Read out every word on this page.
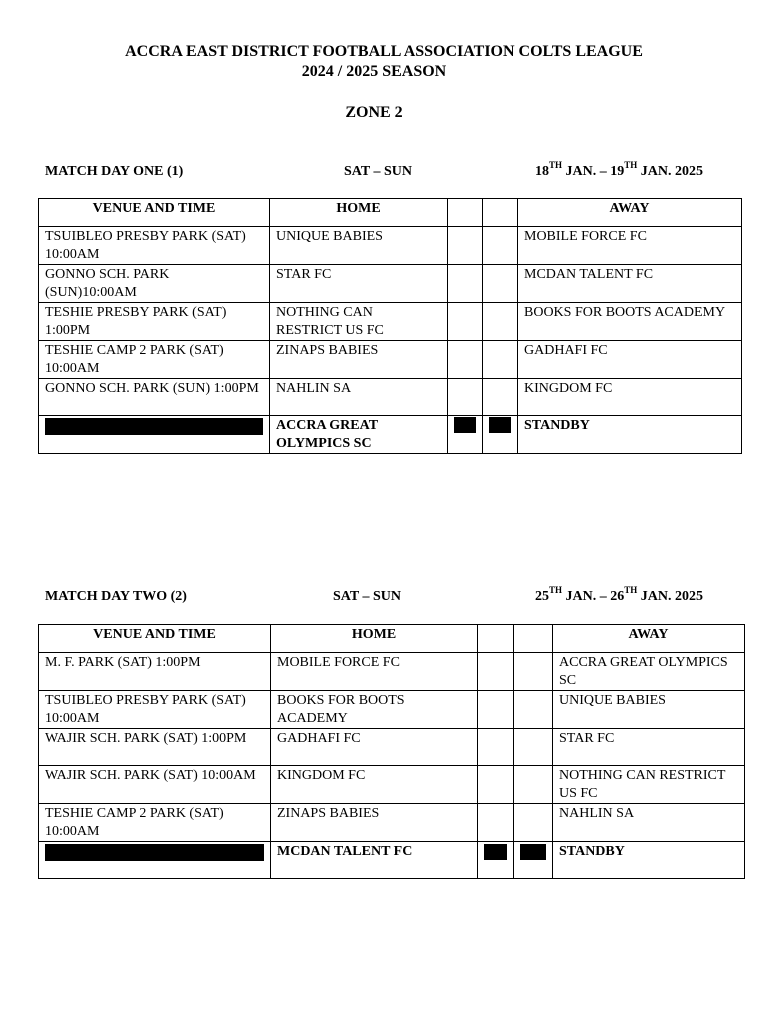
ACCRA EAST DISTRICT FOOTBALL ASSOCIATION COLTS LEAGUE
2024 / 2025 SEASON
ZONE 2
MATCH DAY ONE (1)	SAT – SUN	18TH JAN. – 19TH JAN. 2025
VENUE AND TIME	HOME			AWAY
TSUIBLEO PRESBY PARK (SAT) 10:00AM	UNIQUE BABIES			MOBILE FORCE FC
GONNO SCH. PARK (SUN)10:00AM	STAR FC			MCDAN TALENT FC
TESHIE PRESBY PARK (SAT) 1:00PM	NOTHING CAN RESTRICT US FC			BOOKS FOR BOOTS ACADEMY
TESHIE CAMP 2 PARK (SAT) 10:00AM	ZINAPS BABIES			GADHAFI FC
GONNO SCH. PARK (SUN) 1:00PM	NAHLIN SA			KINGDOM FC

	ACCRA GREAT OLYMPICS SC			STANDBY
MATCH DAY TWO (2)	SAT – SUN	25TH JAN. – 26TH JAN. 2025
VENUE AND TIME	HOME			AWAY
M. F. PARK (SAT) 1:00PM	MOBILE FORCE FC			ACCRA GREAT OLYMPICS SC
TSUIBLEO PRESBY PARK (SAT) 10:00AM	BOOKS FOR BOOTS ACADEMY			UNIQUE BABIES
WAJIR SCH. PARK (SAT) 1:00PM	GADHAFI FC			STAR FC
WAJIR SCH. PARK (SAT) 10:00AM	KINGDOM FC			NOTHING CAN RESTRICT US FC
TESHIE CAMP 2 PARK (SAT) 10:00AM	ZINAPS BABIES			NAHLIN SA

	MCDAN TALENT FC			STANDBY
